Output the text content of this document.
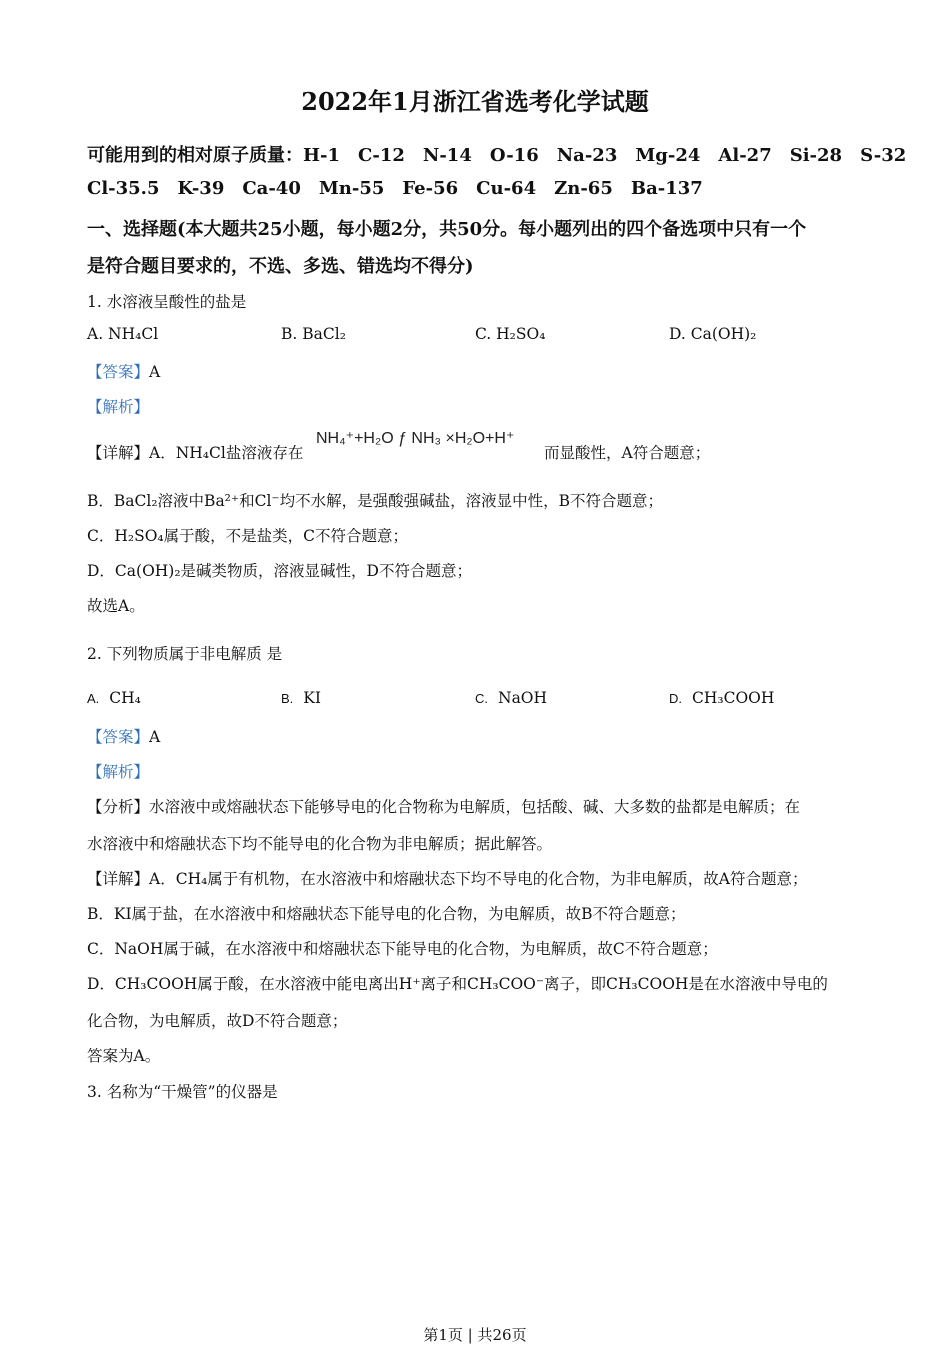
2022年1月浙江省选考化学试题
可能用到的相对原子质量：H-1 C-12 N-14 O-16 Na-23 Mg-24 Al-27 Si-28 S-32
Cl-35.5 K-39 Ca-40 Mn-55 Fe-56 Cu-64 Zn-65 Ba-137
一、选择题(本大题共25小题，每小题2分，共50分。每小题列出的四个备选项中只有一个
是符合题目要求的，不选、多选、错选均不得分)
1. 水溶液呈酸性的盐是
A. NH₄Cl	B. BaCl₂	C. H₂SO₄	D. Ca(OH)₂
【答案】A
【解析】
【详解】A．NH₄Cl盐溶液存在
NH₄⁺+H₂O ƒ NH₃ ×H₂O+H⁺
而显酸性，A符合题意；
B．BaCl₂溶液中Ba²⁺和Cl⁻均不水解，是强酸强碱盐，溶液显中性，B不符合题意；
C．H₂SO₄属于酸，不是盐类，C不符合题意；
D．Ca(OH)₂是碱类物质，溶液显碱性，D不符合题意；
故选A。
2. 下列物质属于非电解质 是
A. CH₄	B. KI	C. NaOH	D. CH₃COOH
【答案】A
【解析】
【分析】水溶液中或熔融状态下能够导电的化合物称为电解质，包括酸、碱、大多数的盐都是电解质；在
水溶液中和熔融状态下均不能导电的化合物为非电解质；据此解答。
【详解】A．CH₄属于有机物，在水溶液中和熔融状态下均不导电的化合物，为非电解质，故A符合题意；
B．KI属于盐，在水溶液中和熔融状态下能导电的化合物，为电解质，故B不符合题意；
C．NaOH属于碱，在水溶液中和熔融状态下能导电的化合物，为电解质，故C不符合题意；
D．CH₃COOH属于酸，在水溶液中能电离出H⁺离子和CH₃COO⁻离子，即CH₃COOH是在水溶液中导电的
化合物，为电解质，故D不符合题意；
答案为A。
3. 名称为“干燥管”的仪器是
第1页 | 共26页
